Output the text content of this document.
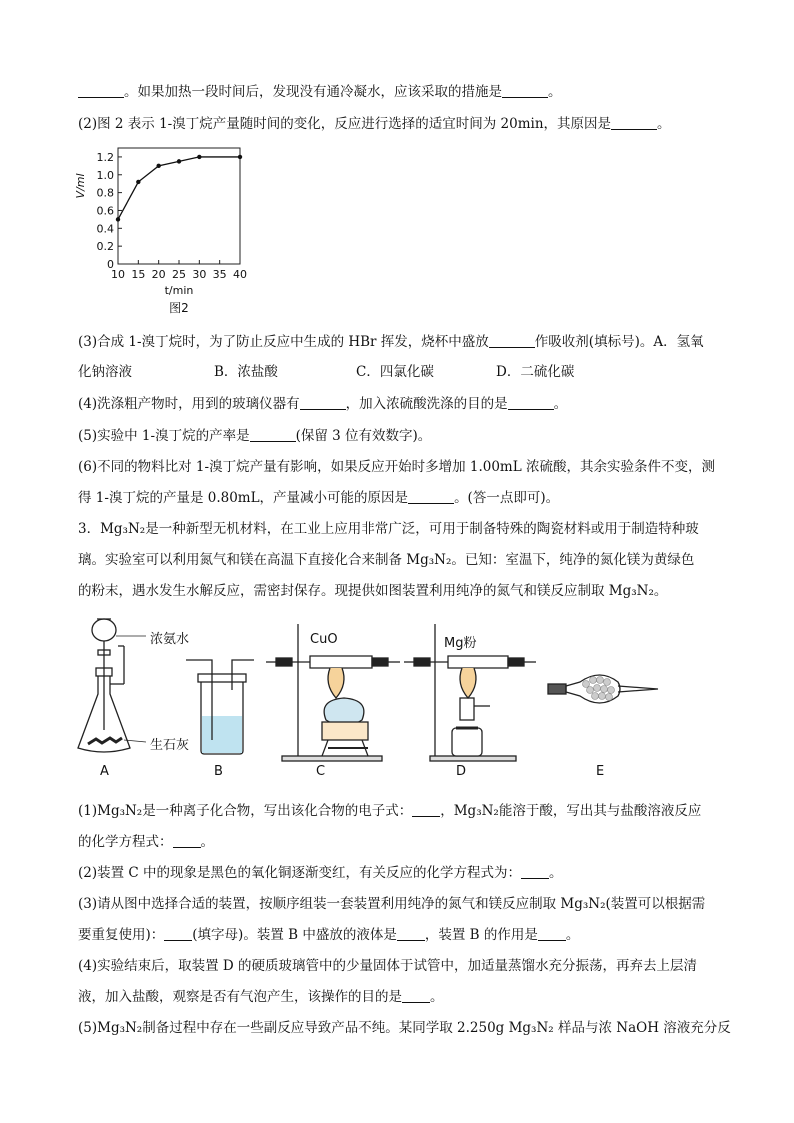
。如果加热一段时间后，发现没有通冷凝水，应该采取的措施是	。
(2)图 2 表示 1-溴丁烷产量随时间的变化，反应进行选择的适宜时间为 20min，其原因是	。
0
0.2
0.4
0.6
0.8
1.0
1.2
10 15 20 25 30 35 40
t/min
V/ml
图2
(3)合成 1-溴丁烷时，为了防止反应中生成的 HBr 挥发，烧杯中盛放	作吸收剂(填标号)。A．氢氧
化钠溶液	B．浓盐酸	C．四氯化碳	D．二硫化碳
(4)洗涤粗产物时，用到的玻璃仪器有	，加入浓硫酸洗涤的目的是	。
(5)实验中 1-溴丁烷的产率是	(保留 3 位有效数字)。
(6)不同的物料比对 1-溴丁烷产量有影响，如果反应开始时多增加 1.00mL 浓硫酸，其余实验条件不变，测
得 1-溴丁烷的产量是 0.80mL，产量减小可能的原因是	。(答一点即可)。
3．Mg₃N₂是一种新型无机材料，在工业上应用非常广泛，可用于制备特殊的陶瓷材料或用于制造特种玻
璃。实验室可以利用氮气和镁在高温下直接化合来制备 Mg₃N₂。已知：室温下，纯净的氮化镁为黄绿色
的粉末，遇水发生水解反应，需密封保存。现提供如图装置利用纯净的氮气和镁反应制取 Mg₃N₂。
浓氨水
生石灰
CuO	Mg粉
A	B	C	D	E
(1)Mg₃N₂是一种离子化合物，写出该化合物的电子式： ，Mg₃N₂能溶于酸，写出其与盐酸溶液反应
的化学方程式： 。
(2)装置 C 中的现象是黑色的氧化铜逐渐变红，有关反应的化学方程式为： 。
(3)请从图中选择合适的装置，按顺序组装一套装置利用纯净的氮气和镁反应制取 Mg₃N₂(装置可以根据需
要重复使用)： (填字母)。装置 B 中盛放的液体是 ，装置 B 的作用是 。
(4)实验结束后，取装置 D 的硬质玻璃管中的少量固体于试管中，加适量蒸馏水充分振荡，再弃去上层清
液，加入盐酸，观察是否有气泡产生，该操作的目的是 。
(5)Mg₃N₂制备过程中存在一些副反应导致产品不纯。某同学取 2.250g Mg₃N₂ 样品与浓 NaOH 溶液充分反
